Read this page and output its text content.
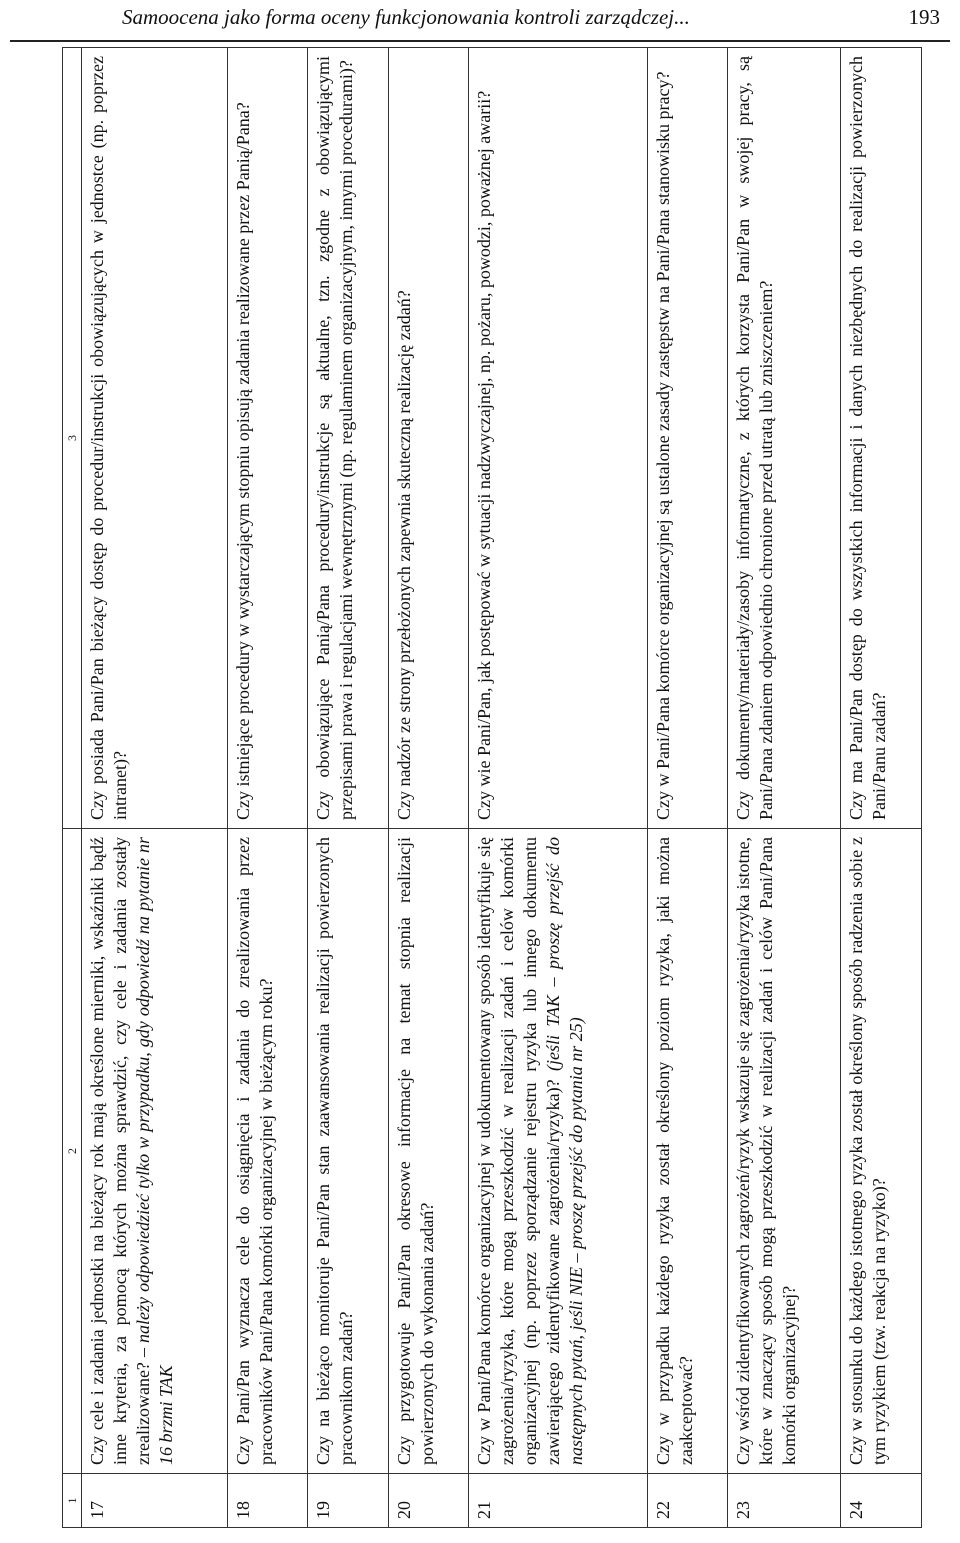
Samoocena jako forma oceny funkcjonowania kontroli zarządczej...	193
1	2	3
17	Czy cele i zadania jednostki na bieżący rok mają określone mierniki, wskaźniki bądź inne kryteria, za pomocą których można sprawdzić, czy cele i zadania zostały zrealizowane? – należy odpowiedzieć tylko w przypadku, gdy odpowiedź na pytanie nr 16 brzmi TAK	Czy posiada Pani/Pan bieżący dostęp do procedur/instrukcji obowiązujących w jednostce (np. poprzez intranet)?
18	Czy Pani/Pan wyznacza cele do osiągnięcia i zadania do zrealizowania przez pracowników Pani/Pana komórki organizacyjnej w bieżącym roku?	Czy istniejące procedury w wystarczającym stopniu opisują zadania realizowane przez Panią/Pana?
19	Czy na bieżąco monitoruje Pani/Pan stan zaawansowania realizacji powierzonych pracownikom zadań?	Czy obowiązujące Panią/Pana procedury/instrukcje są aktualne, tzn. zgodne z obowiązującymi przepisami prawa i regulacjami wewnętrznymi (np. regulaminem organizacyjnym, innymi procedurami)?
20	Czy przygotowuje Pani/Pan okresowe informacje na temat stopnia realizacji powierzonych do wykonania zadań?	Czy nadzór ze strony przełożonych zapewnia skuteczną realizację zadań?
21	Czy w Pani/Pana komórce organizacyjnej w udokumentowany sposób identyfikuje się zagrożenia/ryzyka, które mogą przeszkodzić w realizacji zadań i celów komórki organizacyjnej (np. poprzez sporządzanie rejestru ryzyka lub innego dokumentu zawierającego zidentyfikowane zagrożenia/ryzyka)? (jeśli TAK – proszę przejść do następnych pytań, jeśli NIE – proszę przejść do pytania nr 25)	Czy wie Pani/Pan, jak postępować w sytuacji nadzwyczajnej, np. pożaru, powodzi, poważnej awarii?
22	Czy w przypadku każdego ryzyka został określony poziom ryzyka, jaki można zaakceptować?	Czy w Pani/Pana komórce organizacyjnej są ustalone zasady zastępstw na Pani/Pana stanowisku pracy?
23	Czy wśród zidentyfikowanych zagrożeń/ryzyk wskazuje się zagrożenia/ryzyka istotne, które w znaczący sposób mogą przeszkodzić w realizacji zadań i celów Pani/Pana komórki organizacyjnej?	Czy dokumenty/materiały/zasoby informatyczne, z których korzysta Pani/Pan w swojej pracy, są Pani/Pana zdaniem odpowiednio chronione przed utratą lub zniszczeniem?
24	Czy w stosunku do każdego istotnego ryzyka został określony sposób radzenia sobie z tym ryzykiem (tzw. reakcja na ryzyko)?	Czy ma Pani/Pan dostęp do wszystkich informacji i danych niezbędnych do realizacji powierzonych Pani/Panu zadań?
